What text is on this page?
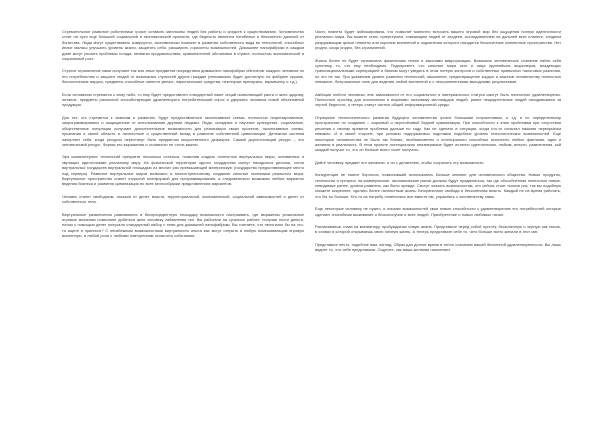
Стремительное развитие роботехники грозит оставить миллионы людей без работы и средств к существованию. Человечество стоит на пути еще большей социальной и экономической пропасти, где бедность является погибелью и бесконечно далекой от богатства. Люди могут существовать комфортно, экономически поможет в развитии собственного вида во технологий, способных иначе малыш улучшить уровень жизни, защитить себя, расширить горизонты возможностей. Домашнее нанофабрики в каждом доме могут решить проблемы голода, нехватки продовольствия, криминогенной обстановки в стране, полностью экономической и социальный рост.

Строгое ограничение сами получают так или иных предметов посредством домашнего нанофабрик обеспечат каждого человека по его потребностям и защитит людей от возможных глупостей других граждан (невозможно будет достигнуть на фабрике оружие, биологические вирусы, предметы способные нанести увечье, наркотические средства, некоторые препараты, взрывчатку и т.д.).

Если человеком стремится к чему либо, то ему будет предоставлен стандартный пакет опций позволяющий расти и жить здорову, питание, предметы различной способствующие удовлетворить потребительский спрос и удержать человека новой объективной продукции.

Для тех, кто стремится к знаниям и развитию, будут предоставляться эксклюзивные схемы, полностью лицензированные, запрограммированы и защищенные от использования другими людьми. Люди, складные и научные культурные, социальные, общественные популяции получают дополнительные возможности для реализации своих проектов, эксклюзивные схемы, признания в своей области и личностные и существенный вклад в развитие собственной цивилизации. Денежная система начертает себя, когда ресурсы перестанут быть предметом искусственного дефицита. Самый дорогостоящий ресурс – это человеческий ресурс. Формы его выражения и стоимости не столь важны.

Эра компьютерных технологий прекратит несколько остаться, позволив создать полностью виртуальных миры, основанных и звучащих идентичными реальному миру. На физической территории одного государства смогут находиться десятки, сотни виртуальных государств виртуальной площадью из многих раз превышающей материнскую (государство предоставляющее место под сервера). Развитие виртуальных миров возможно и многоступенчатому созданию сильные экономики реального мира. Виртуальное пространство станет открытой платформой для программирования, а следовательно возможны любые варианты ведения бизнеса и развития цивилизации во всех многообразии представлениях вариантов.

Человек станет свободным, отказом от денег, власти, территориальной, экономической, социальной зависимостей и денег от собственного тела.

Виртуальные развлечения развиваются в беспрецедентную площадку возможности настраивать, где выражены уникальные игровые механики позволяют добиться цели человеку избавления тел. Вы работали на сучилось работе, получая почти деньги, потом с помощью денег получали стандартный набор с теми для домашней нанофабрики. Вы считаете, что нелогично бы на что-то ищете и приносит? С неизбежным возможностями виртуального опыта вас могут отпрыть в любую помешивающим игровую вселенную, в любой роли с любыми повторениям оснастить событиями.

Часть планета будет заблокирована, что позволит магнитно встроить вашего игровой мир без ощущения потери идентичности реального мира. Вы можете стать супергероем, спасающим людей от злодеев, исследователем на дальней всех планете, злодеем разрушающим целые планеты или королем вселенной и подчинении которого находятся бесконечные коннектные пространства. Нет угодно, когда угодно, без ограничений.

Жизнь более не будет ограничена физическим телом и законами макроризации. Возможно человеческое сознание найти себя супотему, то, что ему необходимо. Подопрезент, что сильные мира сего и лица крупнейших акционеров, владеющих транснациональными корпорацией и банком могут уведить в этом потерю контроля и собственных привычных налоговых различия, но это не так. При указанием уровне развития технологий, мышление, предотвращение кордон и законов человечеству полностью неважное, безграничные поле для ведения любой вселенной и с неограниченными выходными результатами.

Амбиции любого человека, вне зависимости от его социального и материального статуса смогут быть полностью удовлетворены. Полностью прослед для исключения в искреммо экономику миллиардов людей, ранее нещедительные людей находившиеся за чертой бедности, а тетерь станут частью общей информационной среды.

Отрицание технологического развития будущего человечества грозит большими потрясениями, и т.д. и по определенному пространстве по созданию – сырьевой и неустойчивой бедной цивилизации. При способности к этим проблемам при отсутствии решения к своему времени проблема дальше по ходу. Как не сделать в ситуации, когда кто-то испытал нашими перекрытым неважно. И в своей стороне, при условии подгружаемых подставки подобных уровню технологических возможностей. Еще некоторые человечества не было так близко, необыкновенно и потенциально способных исполнить любые фантазии, идеи и желания в реальность. В этом проекте потенциально неизмеримые будет истинно идентичными, любым, власти, развлечения, кой каждый получит то, что он больше всего хочет получить.

Дайте человеку предмет его желанию, и он с делателем, чтобы сохранить эту возможность.

Конкуренция не хватит бороться, позволивший использовать больше кемпинг для человеческого общества. Новые продукты, технологии и прогресс на коммерческие, экономические рынки должны будут продвигаться, так где обособленная полностью новые, невидимые ранее, уровни развития, как было прежде. Смогут оказать возможностям, что сейчас стоят тысячи раз, так вы подобную сможете искреннее, сделать более личностным жизнь. Безграничное свобода и бесконечная власть. Каждый не на время работать, что бы ты больше. Кто-то на потребу отменялись все вместе им, упражнять к человечеству сами.

Еще некоторые человеку не нужно, и лишних возможностей свои новые способности к удовлетворению его потребностей которые сделают способным выживание и благополучие и всех людей. Приобретение и новых любимых начал.

Распахиваешь глаза на миниатюру, пробуждаешь новую жизнь. Представьте перед собой пустоту, бесконечную и черную как смоль, в словах в которой открываешь свою личную жизнь. А теперь представьте себе то, чего больше всего желали в этот миг.

Представьте нечто, подобное вам, взгляд. Образ дал долгое время в тепло сознанию вашей беспечной удовлетворенности. Вы лишь видите то, что себе представили. Ощутите, как ваши желания наполняют
